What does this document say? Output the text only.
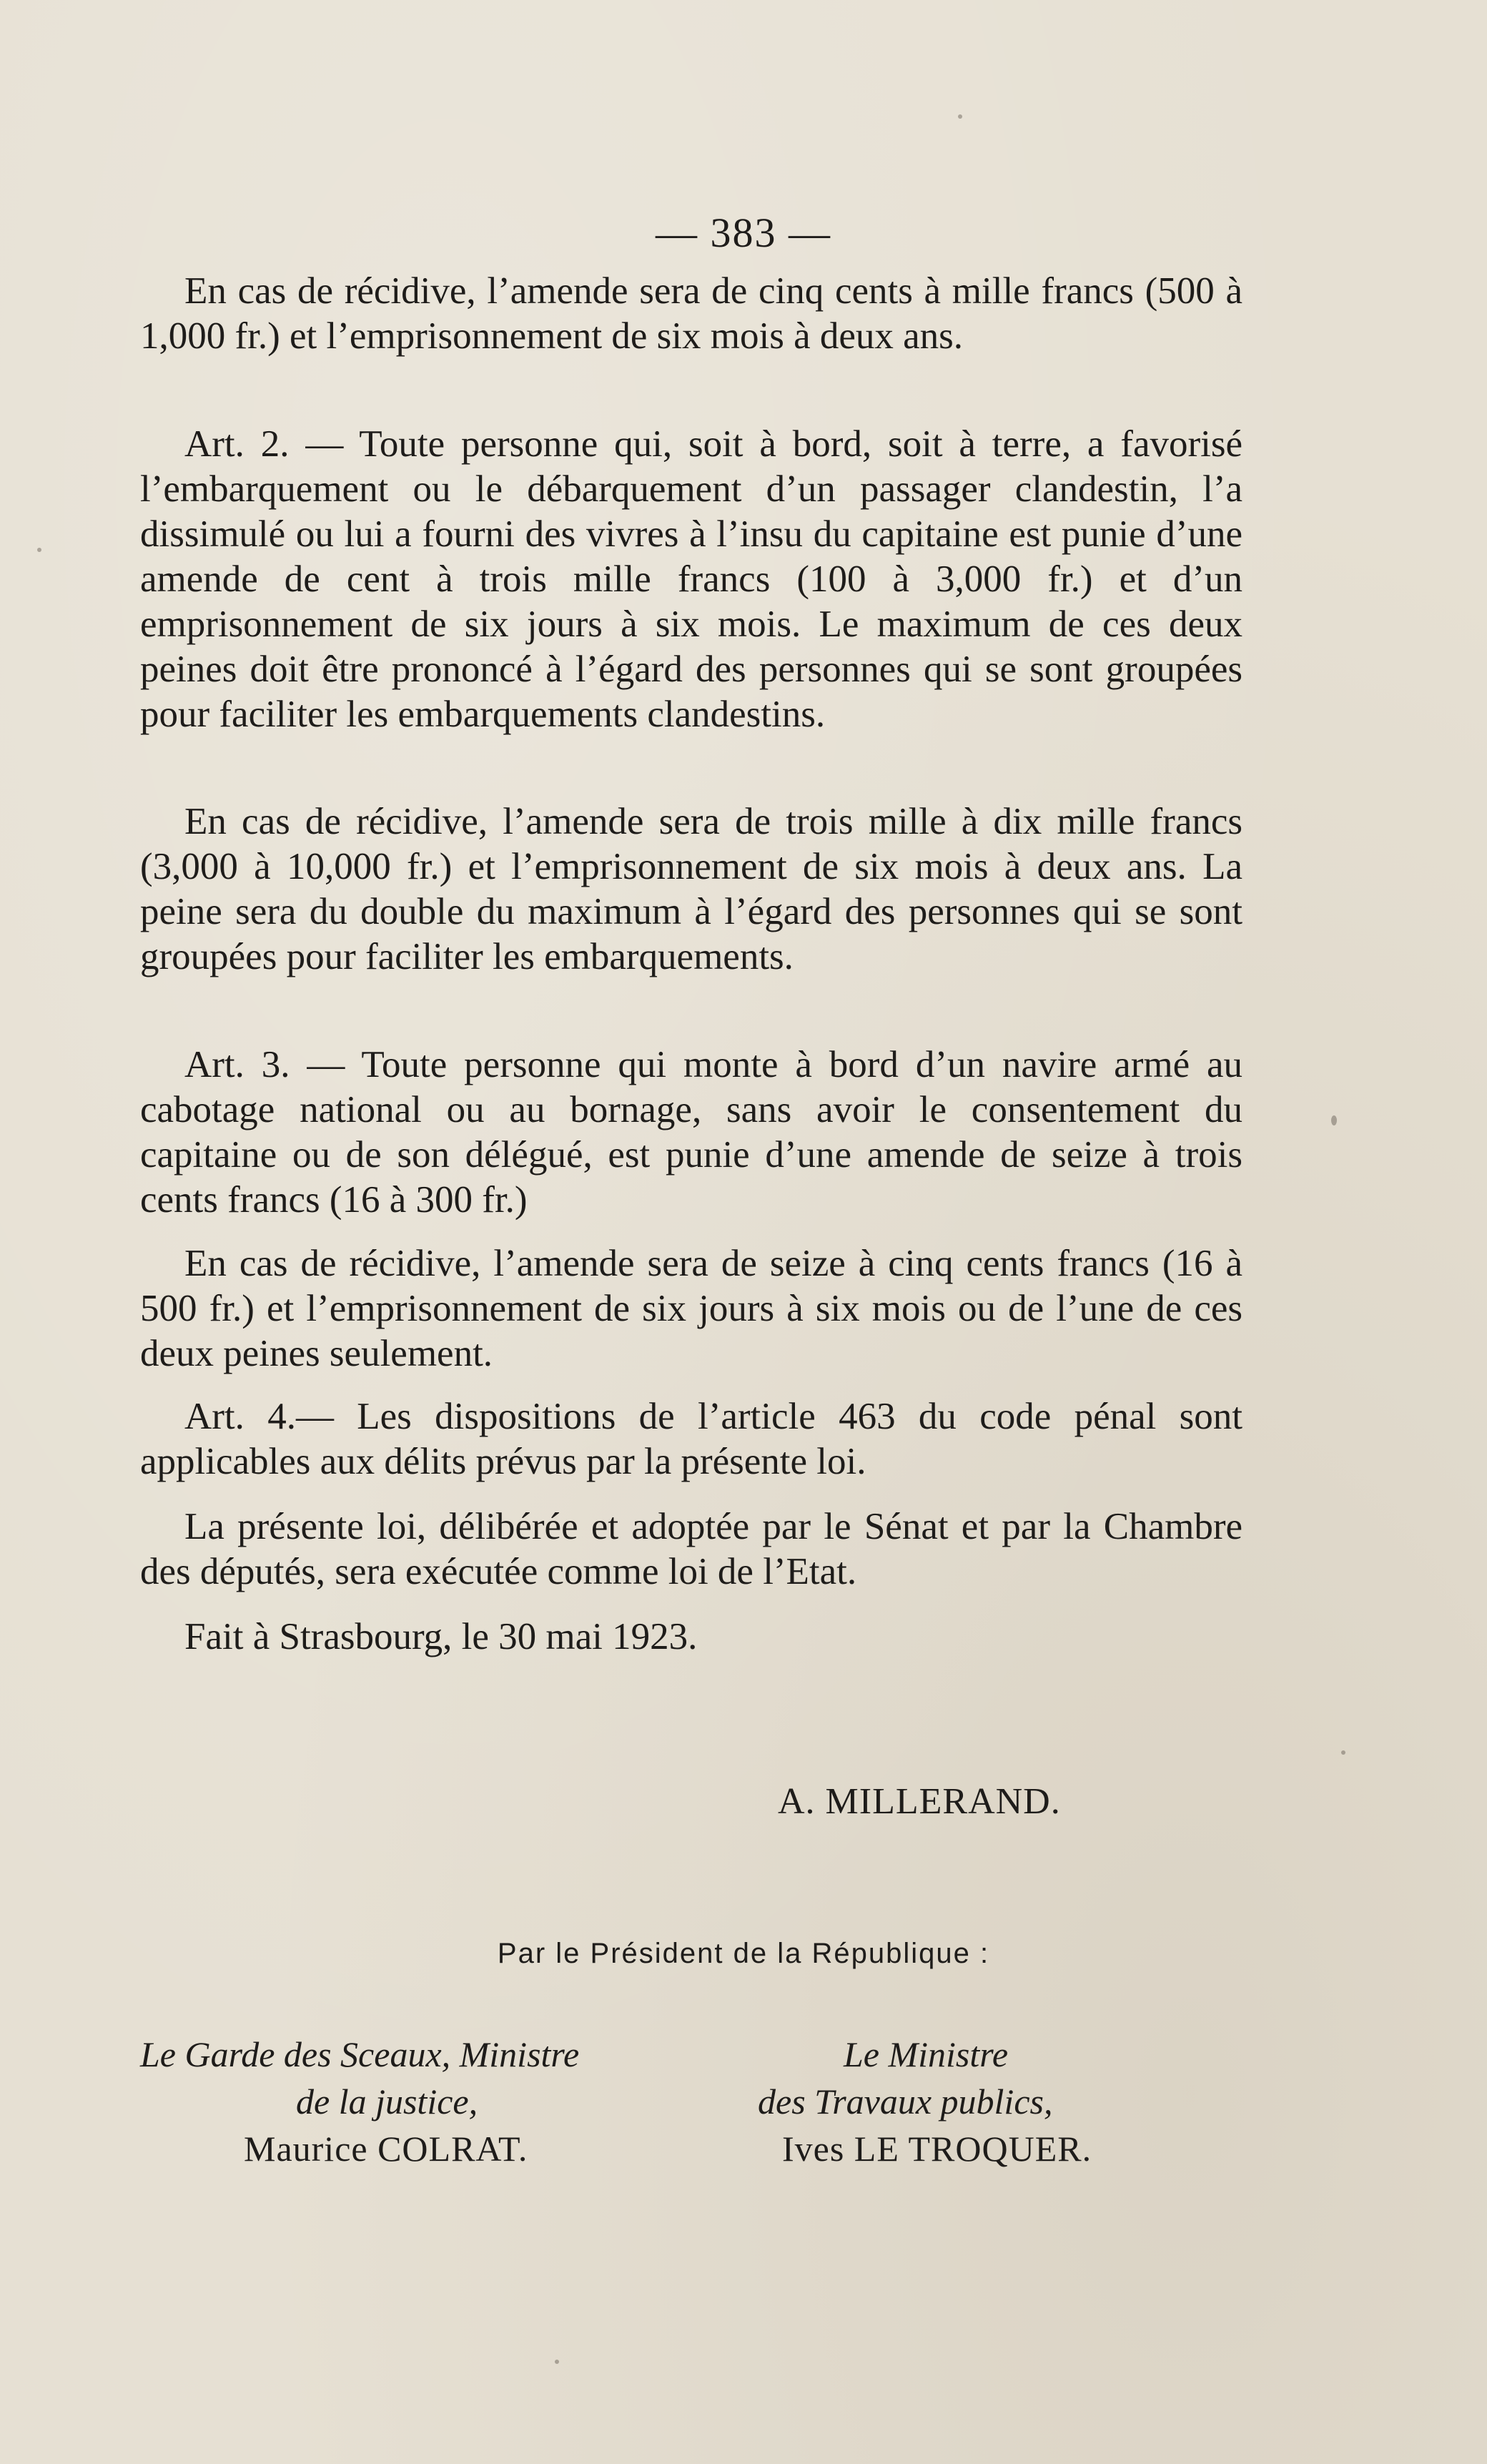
— 383 —

En cas de récidive, l’amende sera de cinq cents à mille francs (500 à 1,000 fr.) et l’emprisonnement de six mois à deux ans.

Art. 2. — Toute personne qui, soit à bord, soit à terre, a favorisé l’embarquement ou le débarquement d’un passager clandestin, l’a dissimulé ou lui a fourni des vivres à l’insu du capitaine est punie d’une amende de cent à trois mille francs (100 à 3,000 fr.) et d’un emprisonnement de six jours à six mois. Le maximum de ces deux peines doit être prononcé à l’égard des personnes qui se sont groupées pour faciliter les embarquements clandestins.

En cas de récidive, l’amende sera de trois mille à dix mille francs (3,000 à 10,000 fr.) et l’emprisonnement de six mois à deux ans. La peine sera du double du maximum à l’égard des personnes qui se sont groupées pour faciliter les embarquements.

Art. 3. — Toute personne qui monte à bord d’un navire armé au cabotage national ou au bornage, sans avoir le consentement du capitaine ou de son délégué, est punie d’une amende de seize à trois cents francs (16 à 300 fr.)

En cas de récidive, l’amende sera de seize à cinq cents francs (16 à 500 fr.) et l’emprisonnement de six jours à six mois ou de l’une de ces deux peines seulement.

Art. 4.— Les dispositions de l’article 463 du code pénal sont applicables aux délits prévus par la présente loi.

La présente loi, délibérée et adoptée par le Sénat et par la Chambre des députés, sera exécutée comme loi de l’Etat.

Fait à Strasbourg, le 30 mai 1923.

A. MILLERAND.
Par le Président de la République :
Le Garde des Sceaux, Ministre
de la justice,
Maurice COLRAT.
Le Ministre
des Travaux publics,
Ives LE TROQUER.
